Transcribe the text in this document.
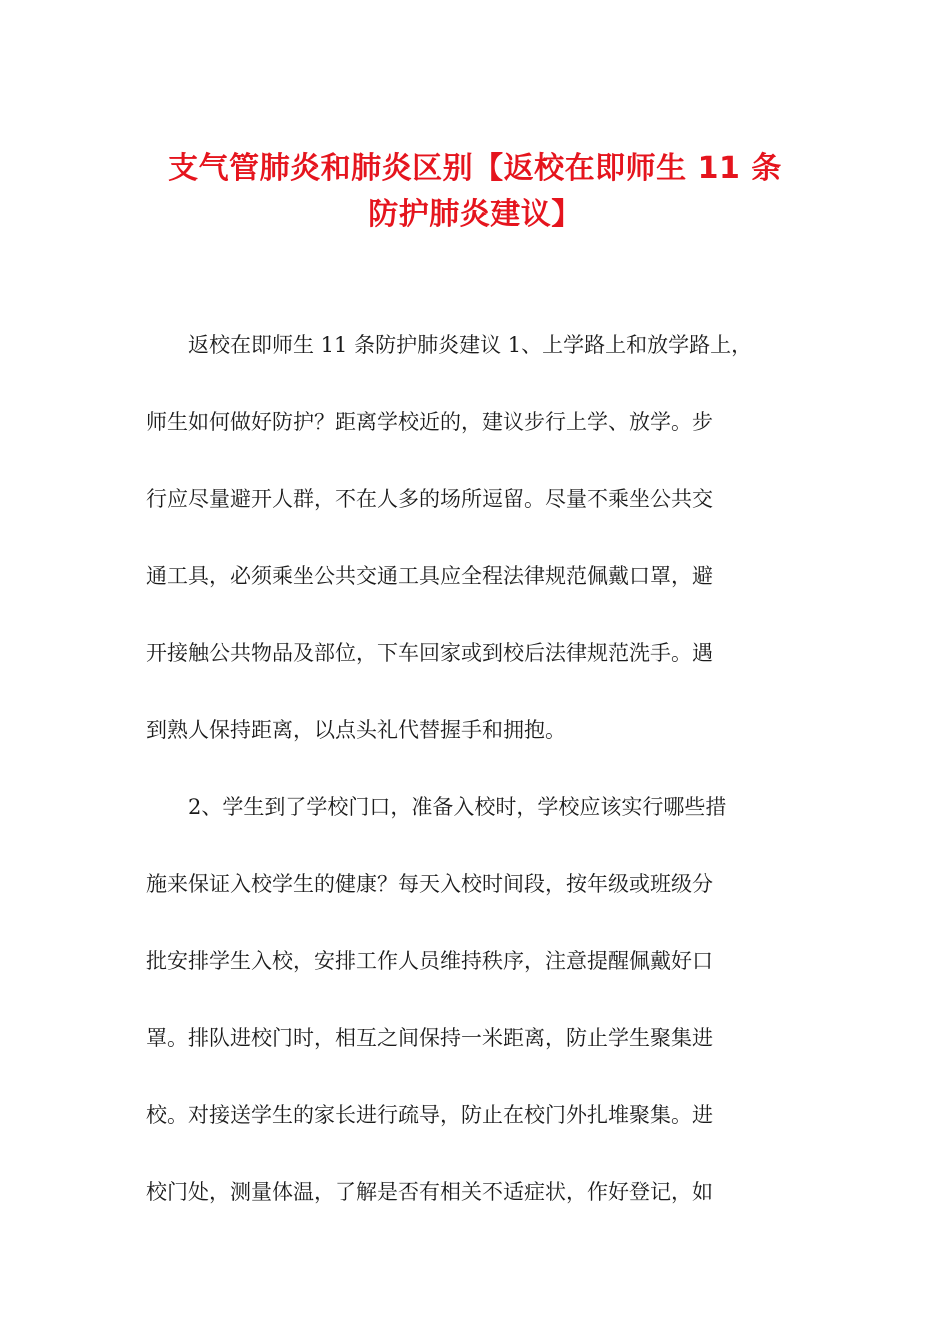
支气管肺炎和肺炎区别【返校在即师生 11 条
防护肺炎建议】
返校在即师生 11 条防护肺炎建议 1、上学路上和放学路上，
师生如何做好防护？距离学校近的，建议步行上学、放学。步
行应尽量避开人群，不在人多的场所逗留。尽量不乘坐公共交
通工具，必须乘坐公共交通工具应全程法律规范佩戴口罩，避
开接触公共物品及部位，下车回家或到校后法律规范洗手。遇
到熟人保持距离，以点头礼代替握手和拥抱。
2、学生到了学校门口，准备入校时，学校应该实行哪些措
施来保证入校学生的健康？每天入校时间段，按年级或班级分
批安排学生入校，安排工作人员维持秩序，注意提醒佩戴好口
罩。排队进校门时，相互之间保持一米距离，防止学生聚集进
校。对接送学生的家长进行疏导，防止在校门外扎堆聚集。进
校门处，测量体温，了解是否有相关不适症状，作好登记，如
